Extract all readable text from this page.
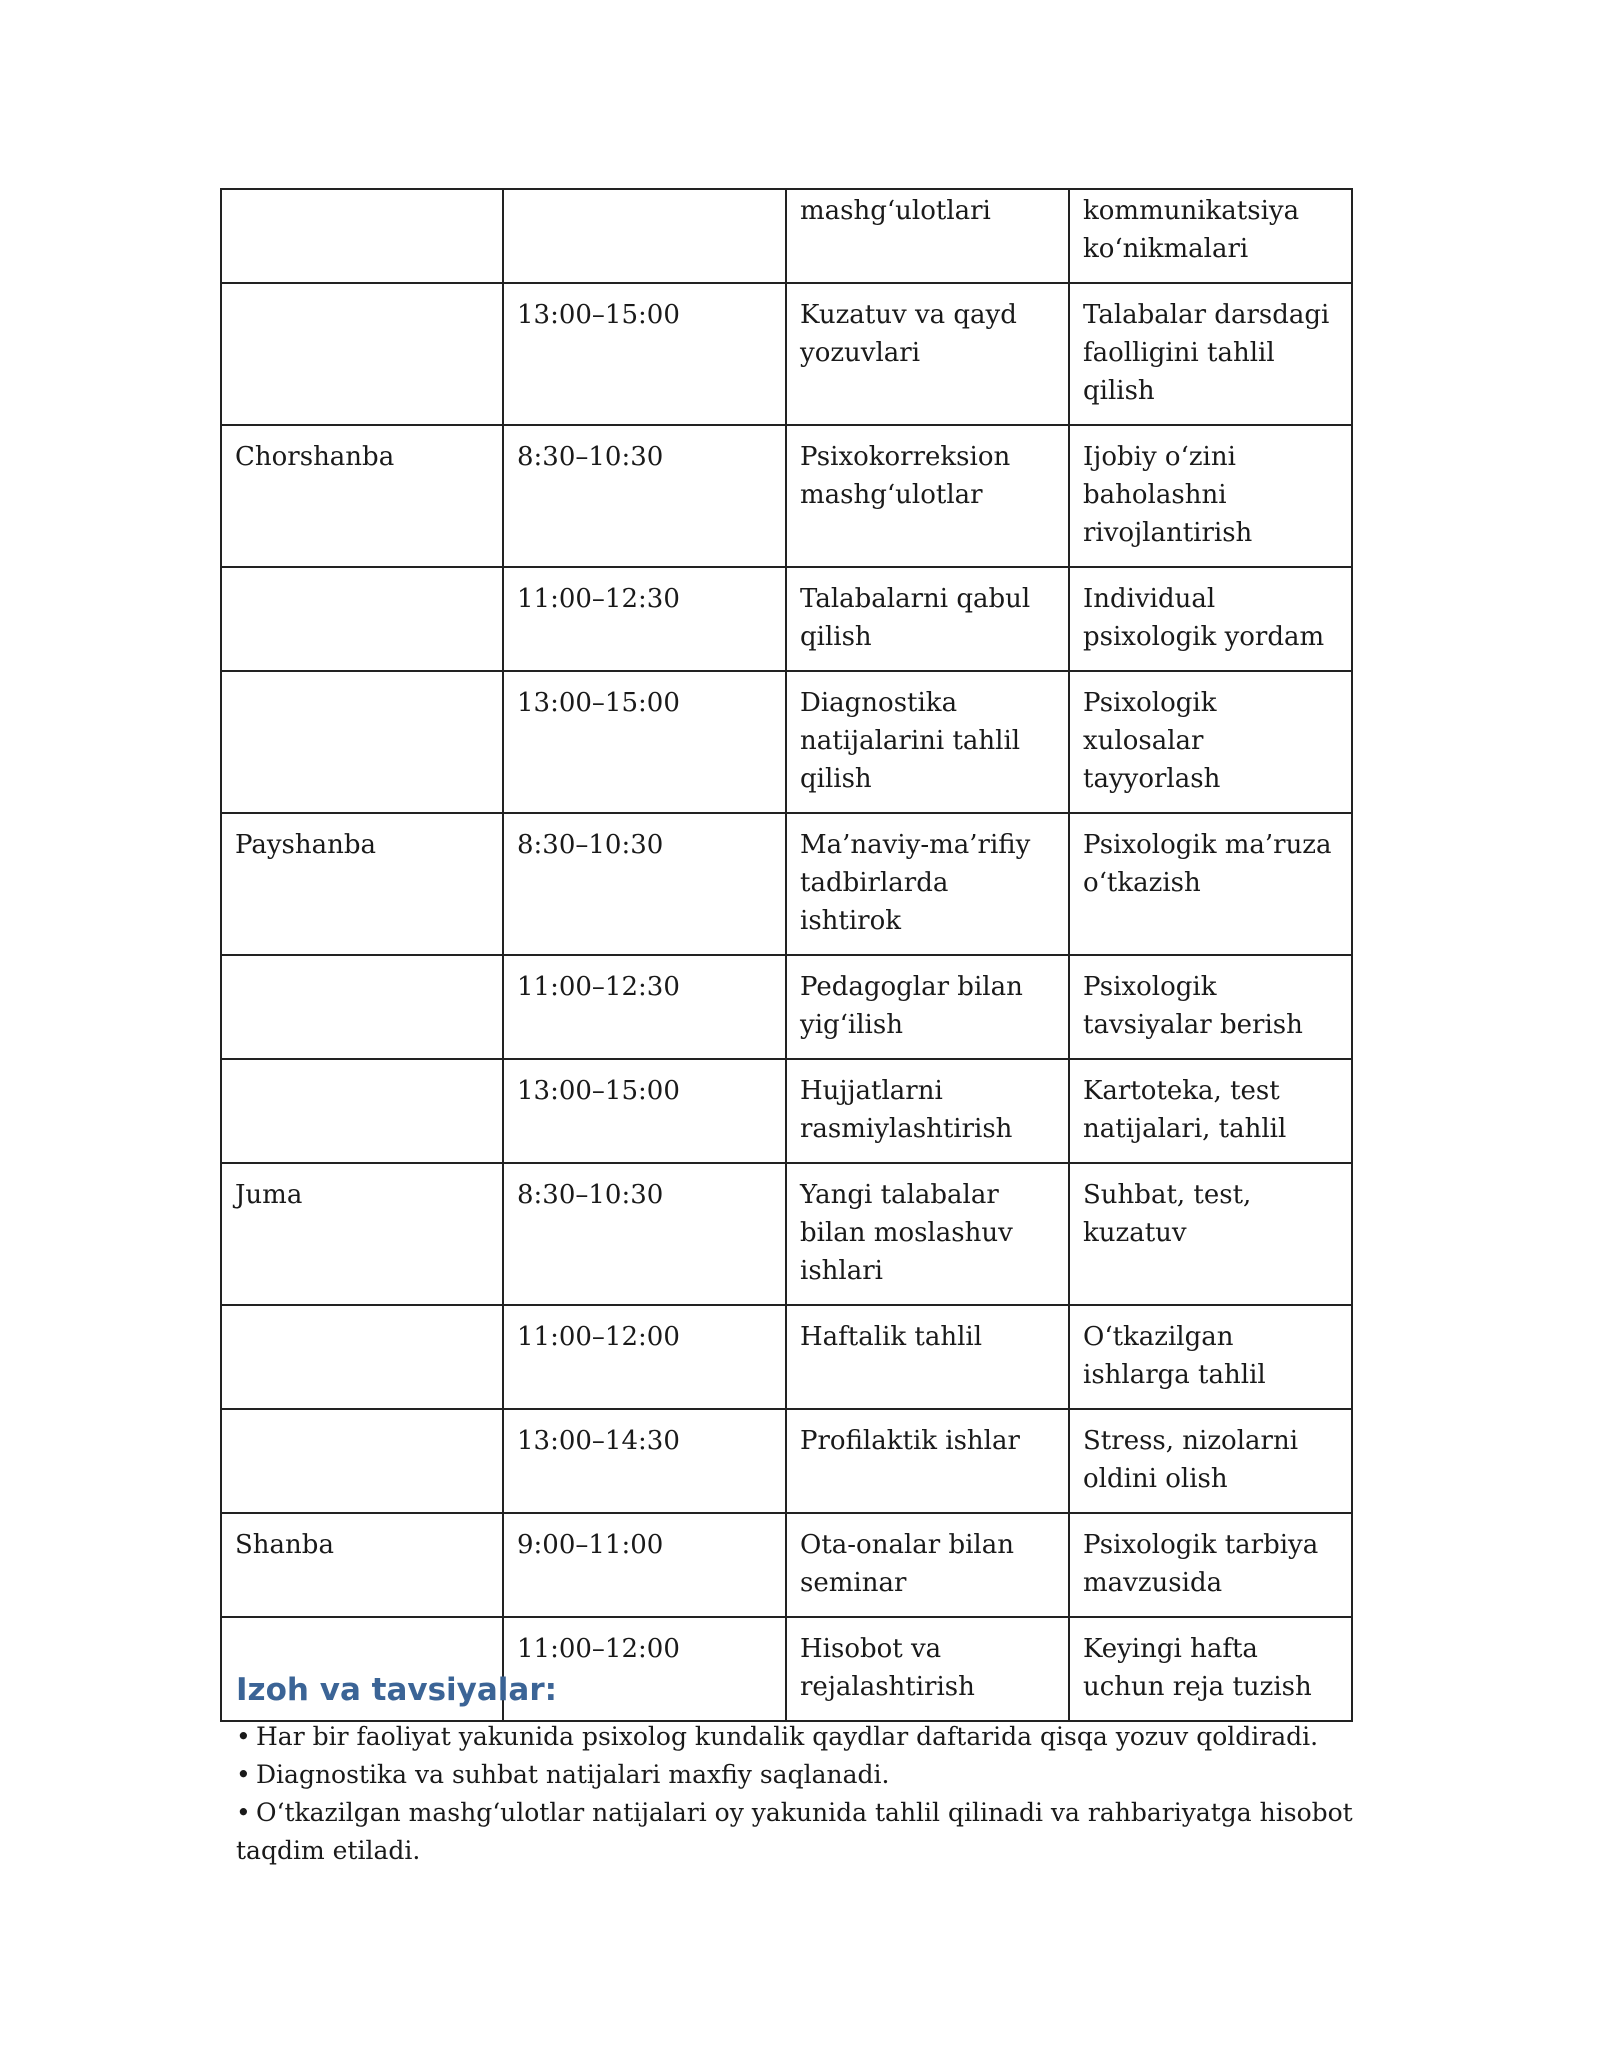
		mashg‘ulotlari	kommunikatsiya ko‘nikmalari
	13:00–15:00	Kuzatuv va qayd yozuvlari	Talabalar darsdagi faolligini tahlil qilish
Chorshanba	8:30–10:30	Psixokorreksion mashg‘ulotlar	Ijobiy o‘zini baholashni rivojlantirish
	11:00–12:30	Talabalarni qabul qilish	Individual psixologik yordam
	13:00–15:00	Diagnostika natijalarini tahlil qilish	Psixologik xulosalar tayyorlash
Payshanba	8:30–10:30	Ma’naviy-ma’rifiy tadbirlarda ishtirok	Psixologik ma’ruza o‘tkazish
	11:00–12:30	Pedagoglar bilan yig‘ilish	Psixologik tavsiyalar berish
	13:00–15:00	Hujjatlarni rasmiylashtirish	Kartoteka, test natijalari, tahlil
Juma	8:30–10:30	Yangi talabalar bilan moslashuv ishlari	Suhbat, test, kuzatuv
	11:00–12:00	Haftalik tahlil	O‘tkazilgan ishlarga tahlil
	13:00–14:30	Profilaktik ishlar	Stress, nizolarni oldini olish
Shanba	9:00–11:00	Ota-onalar bilan seminar	Psixologik tarbiya mavzusida
	11:00–12:00	Hisobot va rejalashtirish	Keyingi hafta uchun reja tuzish
Izoh va tavsiyalar:
• Har bir faoliyat yakunida psixolog kundalik qaydlar daftarida qisqa yozuv qoldiradi.
• Diagnostika va suhbat natijalari maxfiy saqlanadi.
• O‘tkazilgan mashg‘ulotlar natijalari oy yakunida tahlil qilinadi va rahbariyatga hisobot taqdim etiladi.
